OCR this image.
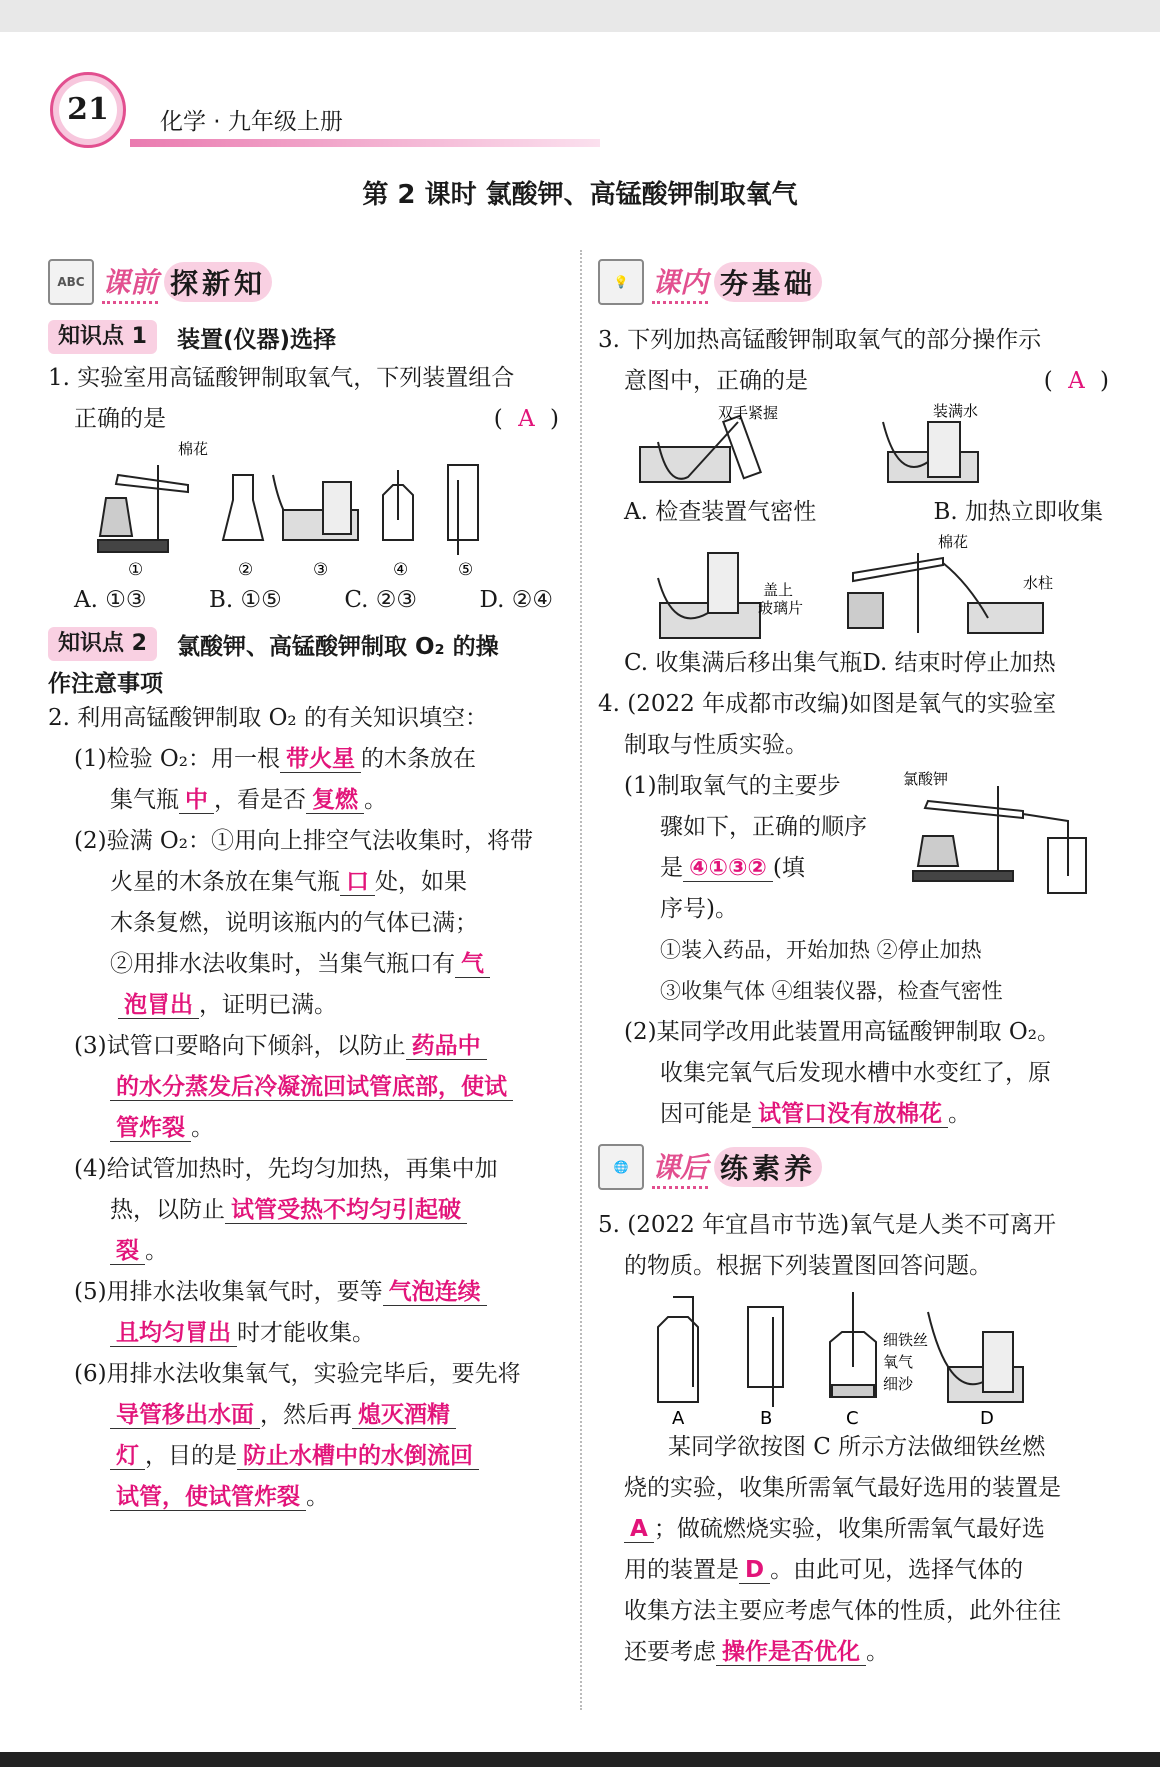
21	化学 · 九年级上册
第 2 课时 氯酸钾、高锰酸钾制取氧气
ABC 课前 探新知
知识点 1	装置(仪器)选择
1. 实验室用高锰酸钾制取氧气，下列装置组合
正确的是	( A )
棉花
①	②	③	④	⑤
A. ①③	B. ①⑤	C. ②③	D. ②④
知识点 2	氯酸钾、高锰酸钾制取 O₂ 的操
作注意事项
2. 利用高锰酸钾制取 O₂ 的有关知识填空：
(1)检验 O₂：用一根 带火星 的木条放在
集气瓶 中 ，看是否 复燃 。
(2)验满 O₂：①用向上排空气法收集时，将带
火星的木条放在集气瓶 口 处，如果
木条复燃，说明该瓶内的气体已满；
②用排水法收集时，当集气瓶口有 气
泡冒出 ，证明已满。
(3)试管口要略向下倾斜，以防止 药品中
的水分蒸发后冷凝流回试管底部，使试
管炸裂 。
(4)给试管加热时，先均匀加热，再集中加
热，以防止 试管受热不均匀引起破
裂 。
(5)用排水法收集氧气时，要等 气泡连续
且均匀冒出 时才能收集。
(6)用排水法收集氧气，实验完毕后，要先将
导管移出水面 ，然后再 熄灭酒精
灯 ，目的是 防止水槽中的水倒流回
试管，使试管炸裂 。
💡 课内 夯基础
3. 下列加热高锰酸钾制取氧气的部分操作示
意图中，正确的是	( A )
双手紧握	装满水
A. 检查装置气密性	B. 加热立即收集
盖上
玻璃片
棉花
水柱
C. 收集满后移出集气瓶D. 结束时停止加热
4. (2022 年成都市改编)如图是氧气的实验室
制取与性质实验。
氯酸钾
(1)制取氧气的主要步
骤如下，正确的顺序
是 ④①③② (填
序号)。
①装入药品，开始加热 ②停止加热
③收集气体 ④组装仪器，检查气密性
(2)某同学改用此装置用高锰酸钾制取 O₂。
收集完氧气后发现水槽中水变红了，原
因可能是 试管口没有放棉花 。
🌐 课后 练素养
5. (2022 年宜昌市节选)氧气是人类不可离开
的物质。根据下列装置图回答问题。
细铁丝
氧气
细沙
A	B	C	D
某同学欲按图 C 所示方法做细铁丝燃
烧的实验，收集所需氧气最好选用的装置是
A ；做硫燃烧实验，收集所需氧气最好选
用的装置是 D 。由此可见，选择气体的
收集方法主要应考虑气体的性质，此外往往
还要考虑 操作是否优化 。
